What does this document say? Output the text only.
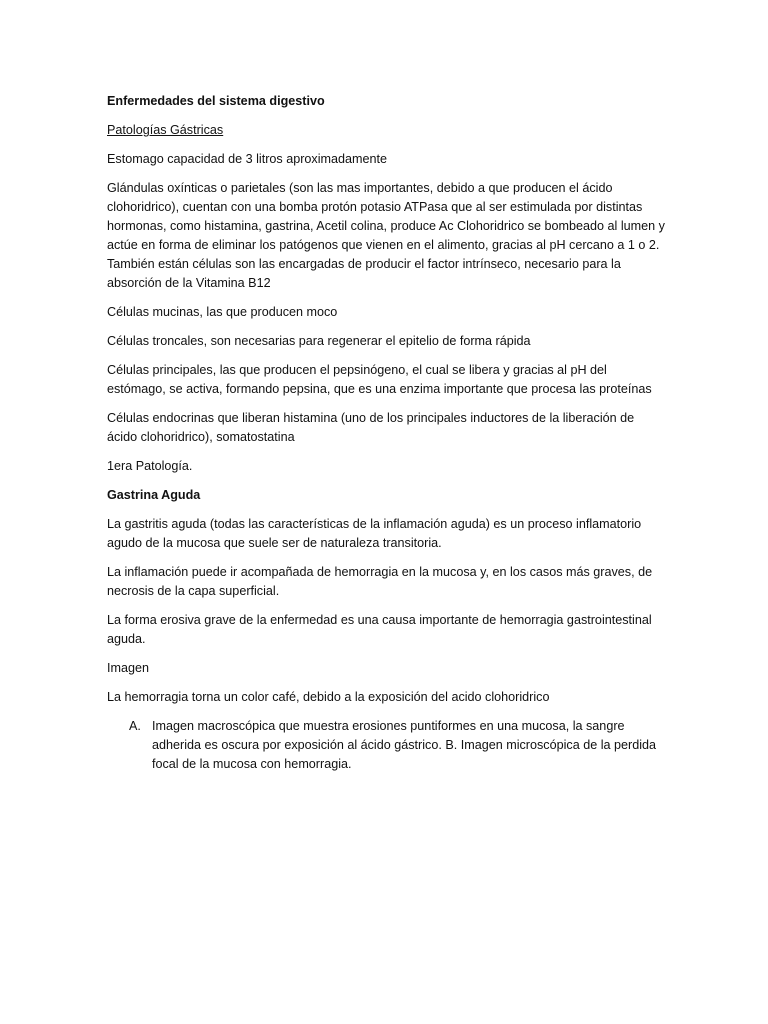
Enfermedades del sistema digestivo

Patologías Gástricas

Estomago capacidad de 3 litros aproximadamente

Glándulas oxínticas o parietales (son las mas importantes, debido a que producen el ácido clohoridrico), cuentan con una bomba protón potasio ATPasa que al ser estimulada por distintas hormonas, como histamina, gastrina, Acetil colina, produce Ac Clohoridrico se bombeado al lumen y actúe en forma de eliminar los patógenos que vienen en el alimento, gracias al pH cercano a 1 o 2. También están células son las encargadas de producir el factor intrínseco, necesario para la absorción de la Vitamina B12

Células mucinas, las que producen moco

Células troncales, son necesarias para regenerar el epitelio de forma rápida

Células principales, las que producen el pepsinógeno, el cual se libera y gracias al pH del estómago, se activa, formando pepsina, que es una enzima importante que procesa las proteínas

Células endocrinas que liberan histamina (uno de los principales inductores de la liberación de ácido clohoridrico), somatostatina

1era Patología.

Gastrina Aguda

La gastritis aguda (todas las características de la inflamación aguda) es un proceso inflamatorio agudo de la mucosa que suele ser de naturaleza transitoria.

La inflamación puede ir acompañada de hemorragia en la mucosa y, en los casos más graves, de necrosis de la capa superficial.

La forma erosiva grave de la enfermedad es una causa importante de hemorragia gastrointestinal aguda.

Imagen

La hemorragia torna un color café, debido a la exposición del acido clohoridrico

A. Imagen macroscópica que muestra erosiones puntiformes en una mucosa, la sangre adherida es oscura por exposición al ácido gástrico. B. Imagen microscópica de la perdida focal de la mucosa con hemorragia.
